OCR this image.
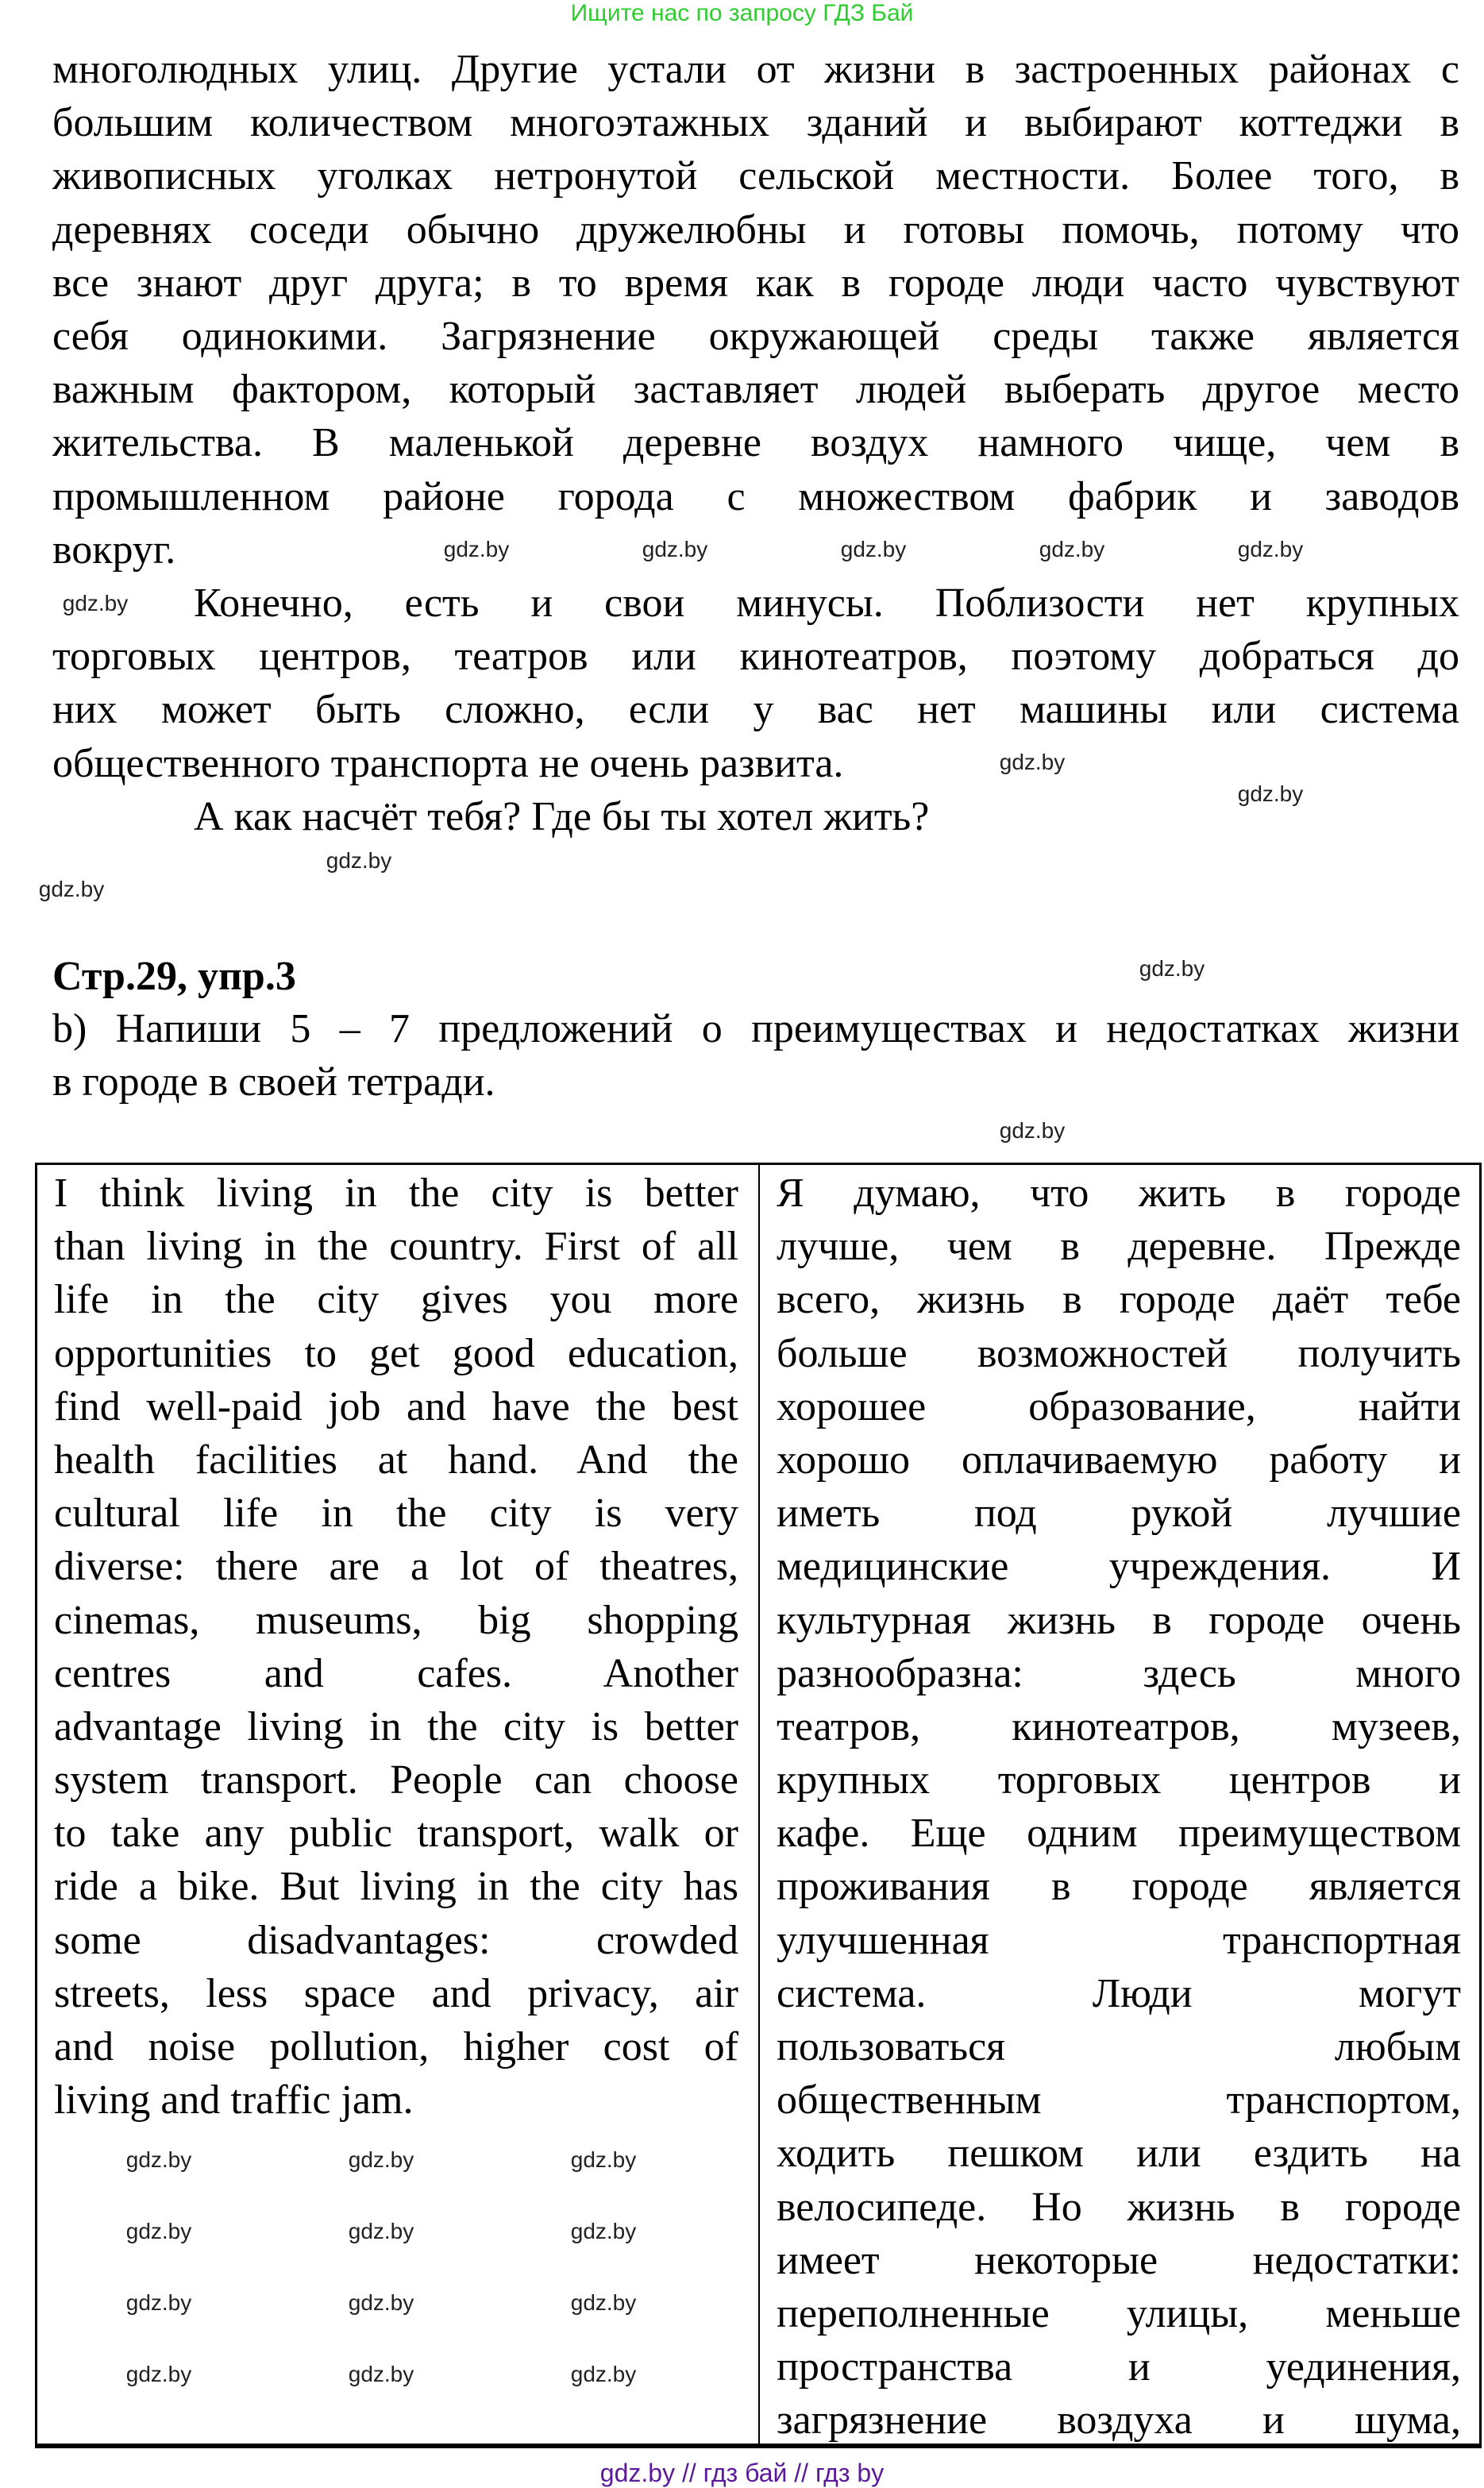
Ищите нас по запросу ГДЗ Бай
многолюдных улиц. Другие устали от жизни в застроенных районах с
большим количеством многоэтажных зданий и выбирают коттеджи в
живописных уголках нетронутой сельской местности. Более того, в
деревнях соседи обычно дружелюбны и готовы помочь, потому что
все знают друг друга; в то время как в городе люди часто чувствуют
себя одинокими. Загрязнение окружающей среды также является
важным фактором, который заставляет людей выберать другое место
жительства. В маленькой деревне воздух намного чище, чем в
промышленном районе города с множеством фабрик и заводов
вокруг.
Конечно, есть и свои минусы. Поблизости нет крупных
торговых центров, театров или кинотеатров, поэтому добраться до
них может быть сложно, если у вас нет машины или система
общественного транспорта не очень развита.
А как насчёт тебя? Где бы ты хотел жить?
Стр.29, упр.3
b) Напиши 5 – 7 предложений о преимуществах и недостатках жизни
в городе в своей тетради.
I think living in the city is better
than living in the country. First of all
life in the city gives you more
opportunities to get good education,
find well-paid job and have the best
health facilities at hand. And the
cultural life in the city is very
diverse: there are a lot of theatres,
cinemas, museums, big shopping
centres and cafes. Another
advantage living in the city is better
system transport. People can choose
to take any public transport, walk or
ride a bike. But living in the city has
some disadvantages: crowded
streets, less space and privacy, air
and noise pollution, higher cost of
living and traffic jam.
Я думаю, что жить в городе
лучше, чем в деревне. Прежде
всего, жизнь в городе даёт тебе
больше возможностей получить
хорошее образование, найти
хорошо оплачиваемую работу и
иметь под рукой лучшие
медицинские учреждения. И
культурная жизнь в городе очень
разнообразна: здесь много
театров, кинотеатров, музеев,
крупных торговых центров и
кафе. Еще одним преимуществом
проживания в городе является
улучшенная транспортная
система. Люди могут
пользоваться любым
общественным транспортом,
ходить пешком или ездить на
велосипеде. Но жизнь в городе
имеет некоторые недостатки:
переполненные улицы, меньше
пространства и уединения,
загрязнение воздуха и шума,
gdz.by	gdz.by	gdz.by	gdz.by	gdz.by
gdz.by
gdz.by
gdz.by
gdz.by
gdz.by
gdz.by
gdz.by
gdz.by	gdz.by	gdz.by
gdz.by	gdz.by	gdz.by
gdz.by	gdz.by	gdz.by
gdz.by	gdz.by	gdz.by
gdz.by // гдз бай // гдз by
